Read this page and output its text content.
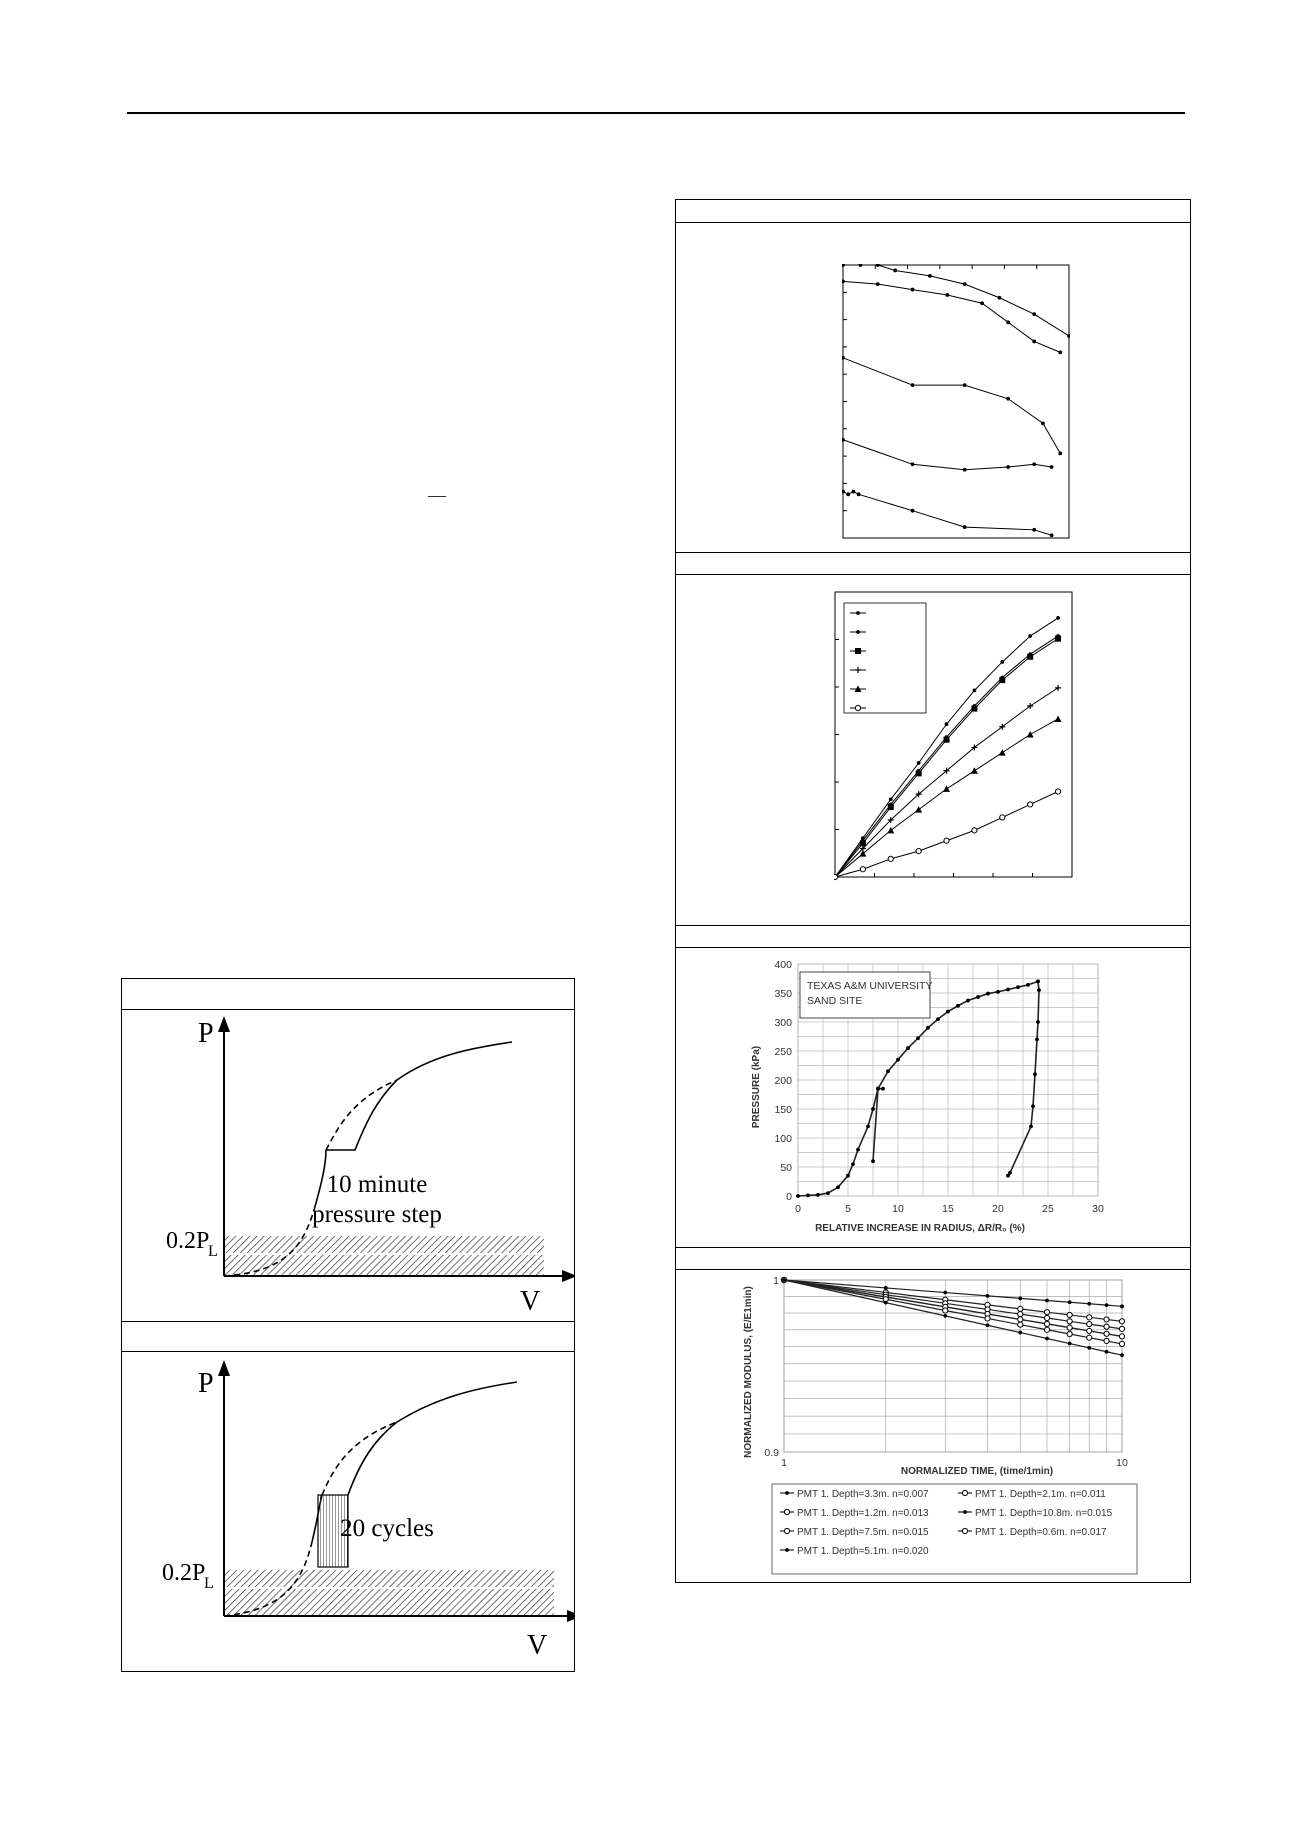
P
V
0.2P
L
10 minute
pressure step
P
V
0.2P
L
20 cycles
—
0	5	10	15	20	25	30
0
50
100
150
200
250
300
350
400
TEXAS A&M UNIVERSITY
SAND SITE
RELATIVE INCREASE IN RADIUS, ΔR/R₀ (%)
PRESSURE (kPa)
1	10
0.9
1
NORMALIZED TIME, (time/1min)
NORMALIZED MODULUS, (E/E1min)
PMT 1. Depth=3.3m. n=0.007	PMT 1. Depth=2.1m. n=0.011
PMT 1. Depth=1.2m. n=0.013	PMT 1. Depth=10.8m. n=0.015
PMT 1. Depth=7.5m. n=0.015	PMT 1. Depth=0.6m. n=0.017
PMT 1. Depth=5.1m. n=0.020
